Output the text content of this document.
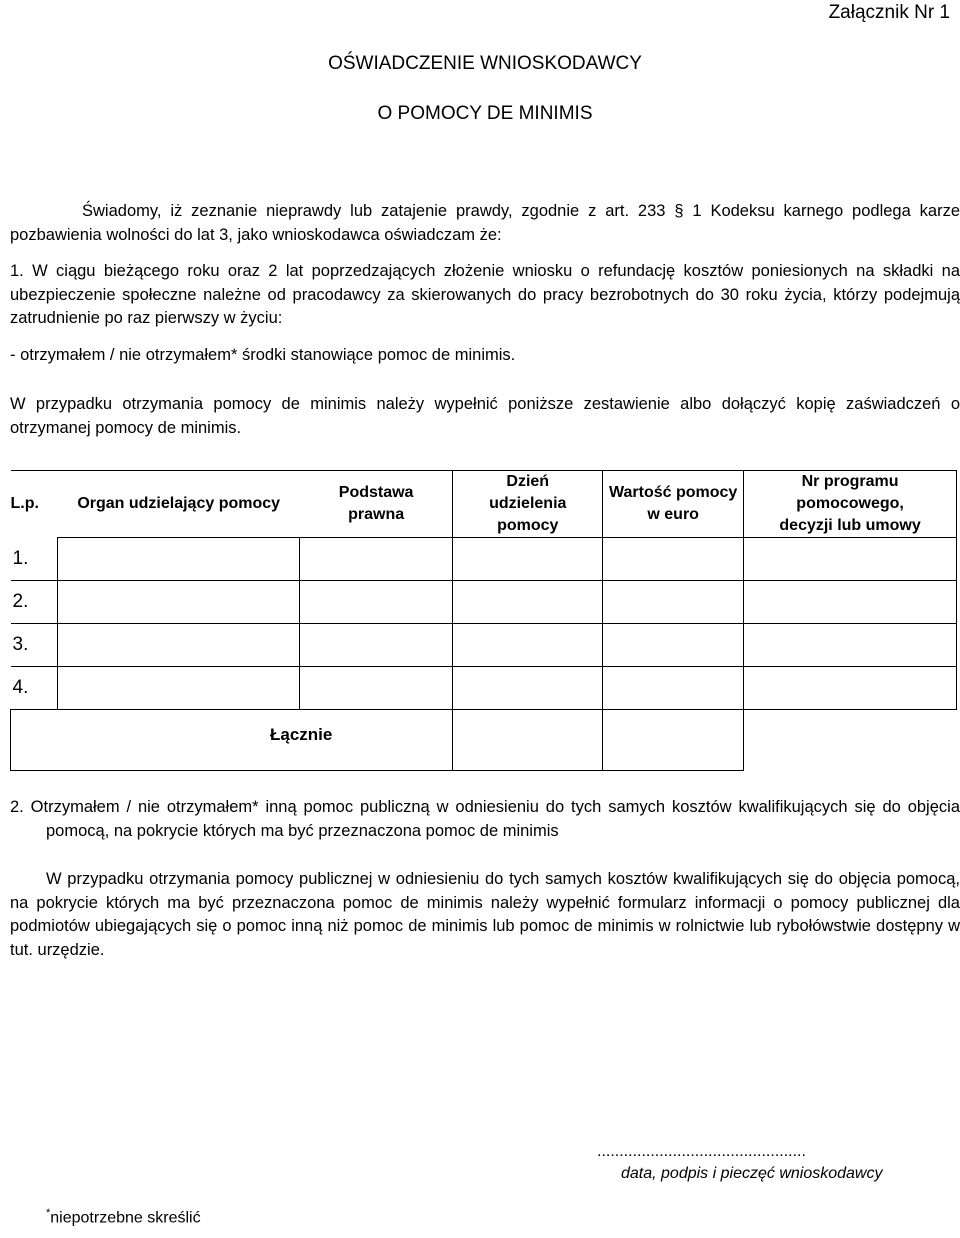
Załącznik Nr 1
OŚWIADCZENIE WNIOSKODAWCY
O POMOCY DE MINIMIS
Świadomy, iż zeznanie nieprawdy lub zatajenie prawdy, zgodnie z art. 233 § 1 Kodeksu karnego podlega karze pozbawienia wolności do lat 3, jako wnioskodawca oświadczam że:
1. W ciągu bieżącego roku oraz 2 lat poprzedzających złożenie wniosku o refundację kosztów poniesionych na składki na ubezpieczenie społeczne należne od pracodawcy za skierowanych do pracy bezrobotnych do 30 roku życia, którzy podejmują zatrudnienie po raz pierwszy w życiu:
- otrzymałem / nie otrzymałem* środki stanowiące pomoc de minimis.
W przypadku otrzymania pomocy de minimis należy wypełnić poniższe zestawienie albo dołączyć kopię zaświadczeń o otrzymanej pomocy de minimis.
L.p.	Organ udzielający pomocy	Podstawa prawna	Dzień udzielenia pomocy	Wartość pomocy w euro	Nr programu pomocowego, decyzji lub umowy

1.					
2.					
3.					
4.					

Łącznie
2. Otrzymałem / nie otrzymałem* inną pomoc publiczną w odniesieniu do tych samych kosztów kwalifikujących się do objęcia pomocą, na pokrycie których ma być przeznaczona pomoc de minimis
W przypadku otrzymania pomocy publicznej w odniesieniu do tych samych kosztów kwalifikujących się do objęcia pomocą, na pokrycie których ma być przeznaczona pomoc de minimis należy wypełnić formularz informacji o pomocy publicznej dla podmiotów ubiegających się o pomoc inną niż pomoc de minimis lub pomoc de minimis w rolnictwie lub rybołówstwie dostępny w tut. urzędzie.
...............................................
data, podpis i pieczęć wnioskodawcy
*niepotrzebne skreślić
